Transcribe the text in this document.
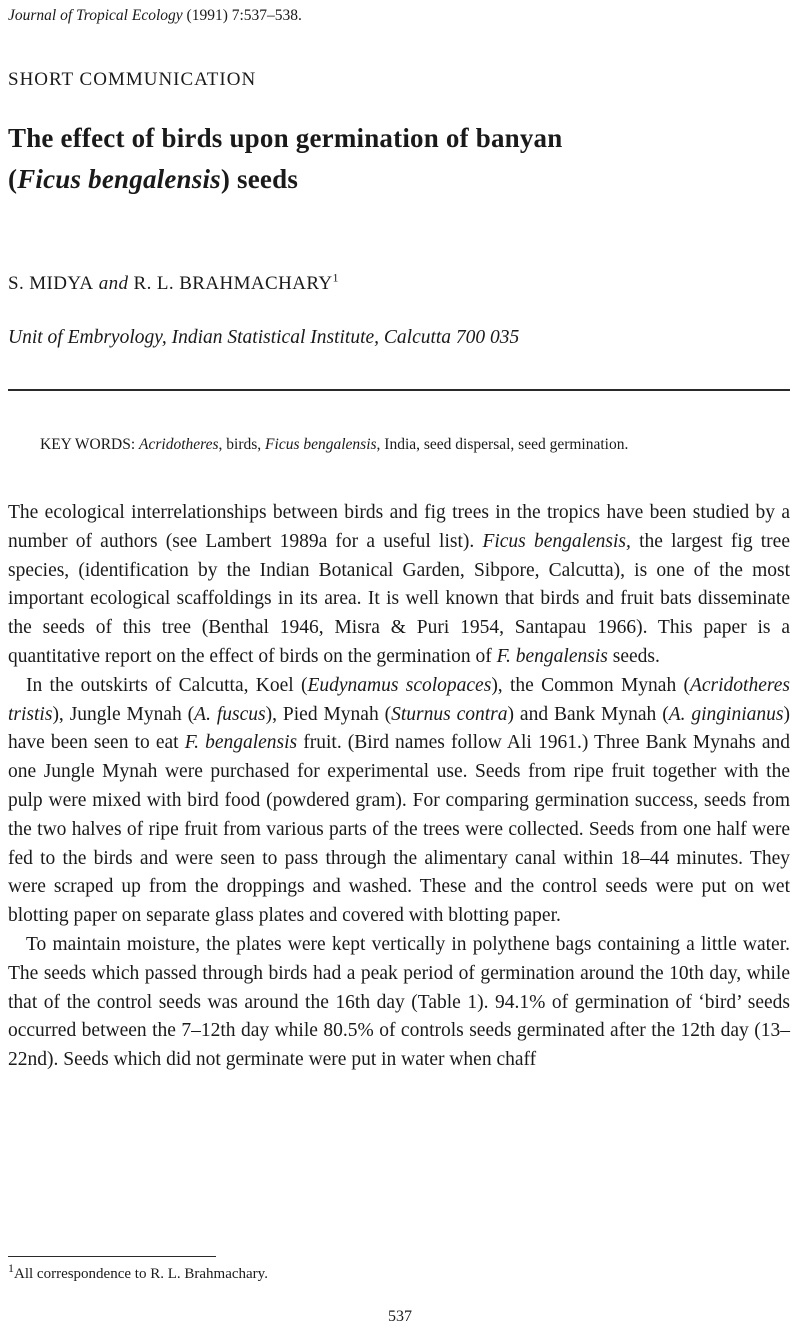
Journal of Tropical Ecology (1991) 7:537–538.
SHORT COMMUNICATION
The effect of birds upon germination of banyan
(Ficus bengalensis) seeds
S. MIDYA and R. L. BRAHMACHARY$^1$
Unit of Embryology, Indian Statistical Institute, Calcutta 700 035

KEY WORDS: Acridotheres, birds, Ficus bengalensis, India, seed dispersal, seed germination.

The ecological interrelationships between birds and fig trees in the tropics have been studied by a number of authors (see Lambert 1989a for a useful list). Ficus bengalensis, the largest fig tree species, (identification by the Indian Botanical Garden, Sibpore, Calcutta), is one of the most important ecological scaffoldings in its area. It is well known that birds and fruit bats disseminate the seeds of this tree (Benthal 1946, Misra & Puri 1954, Santapau 1966). This paper is a quantitative report on the effect of birds on the germination of F. bengalensis seeds.

In the outskirts of Calcutta, Koel (Eudynamus scolopaces), the Common Mynah (Acridotheres tristis), Jungle Mynah (A. fuscus), Pied Mynah (Sturnus contra) and Bank Mynah (A. ginginianus) have been seen to eat F. bengalensis fruit. (Bird names follow Ali 1961.) Three Bank Mynahs and one Jungle Mynah were purchased for experimental use. Seeds from ripe fruit together with the pulp were mixed with bird food (powdered gram). For comparing germination success, seeds from the two halves of ripe fruit from various parts of the trees were collected. Seeds from one half were fed to the birds and were seen to pass through the alimentary canal within 18–44 minutes. They were scraped up from the droppings and washed. These and the control seeds were put on wet blotting paper on separate glass plates and covered with blotting paper.

To maintain moisture, the plates were kept vertically in polythene bags containing a little water. The seeds which passed through birds had a peak period of germination around the 10th day, while that of the control seeds was around the 16th day (Table 1). 94.1% of germination of ‘bird’ seeds occurred between the 7–12th day while 80.5% of controls seeds germinated after the 12th day (13–22nd). Seeds which did not germinate were put in water when chaff

$^1$All correspondence to R. L. Brahmachary.
537
